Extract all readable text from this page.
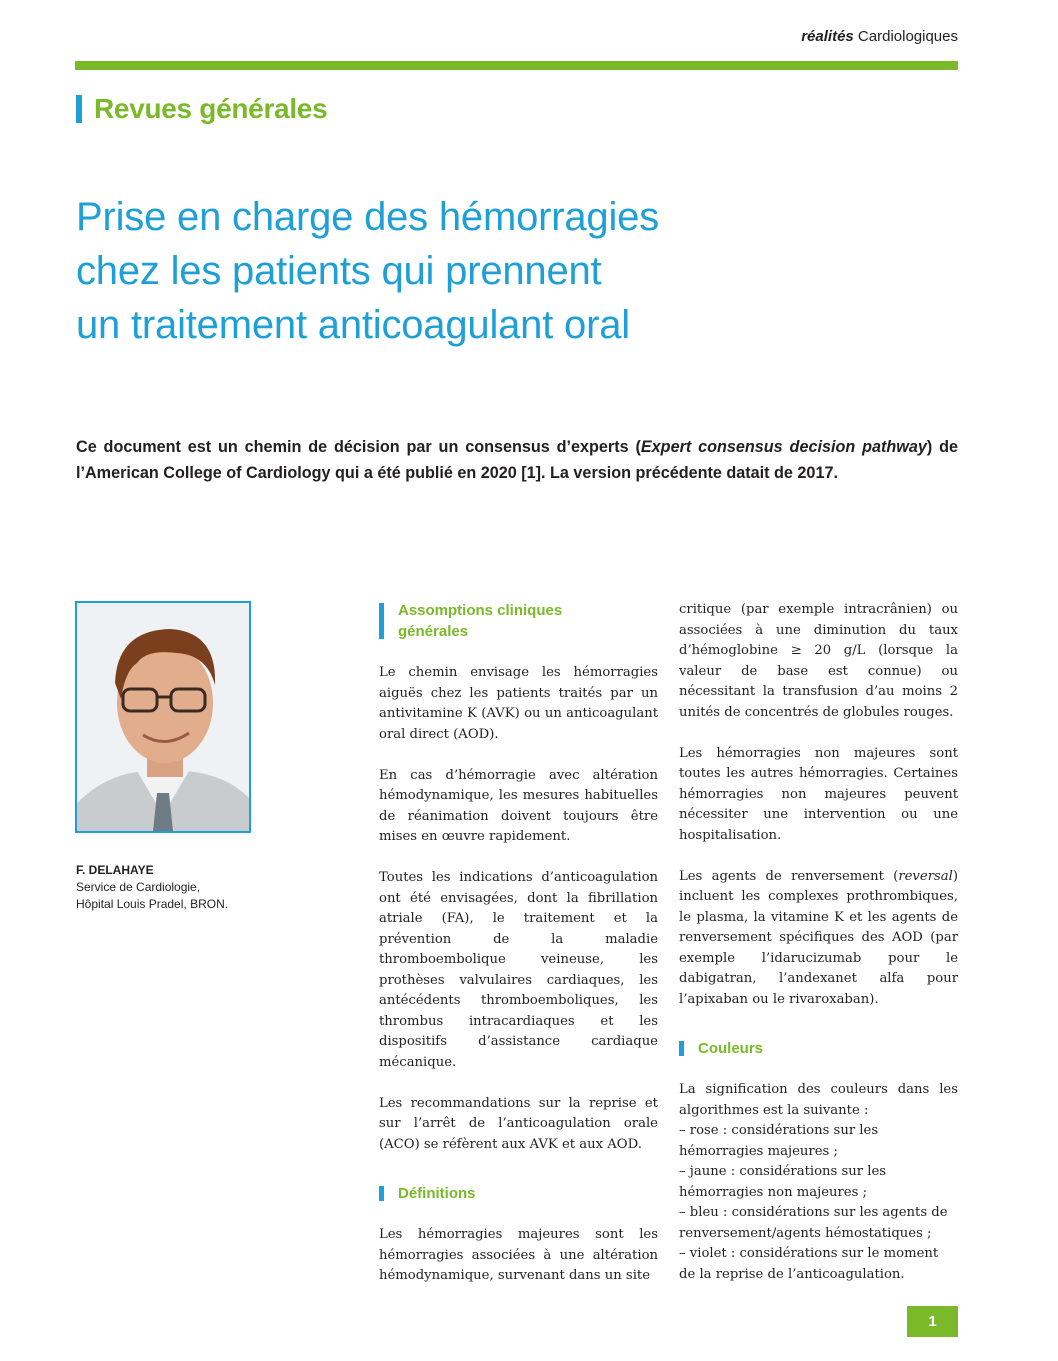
réalités Cardiologiques
Revues générales
Prise en charge des hémorragies
chez les patients qui prennent
un traitement anticoagulant oral
Ce document est un chemin de décision par un consensus d’experts (Expert consensus decision pathway) de l’American College of Cardiology qui a été publié en 2020 [1]. La version précédente datait de 2017.
F. DELAHAYE
Service de Cardiologie,
Hôpital Louis Pradel, BRON.
Assomptions cliniques générales

Le chemin envisage les hémorragies aiguës chez les patients traités par un antivitamine K (AVK) ou un anticoagulant oral direct (AOD).

En cas d’hémorragie avec altération hémodynamique, les mesures habituelles de réanimation doivent toujours être mises en œuvre rapidement.

Toutes les indications d’anticoagulation ont été envisagées, dont la fibrillation atriale (FA), le traitement et la prévention de la maladie thromboembolique veineuse, les prothèses valvulaires cardiaques, les antécédents thromboemboliques, les thrombus intracardiaques et les dispositifs d’assistance cardiaque mécanique.

Les recommandations sur la reprise et sur l’arrêt de l’anticoagulation orale (ACO) se réfèrent aux AVK et aux AOD.

Définitions

Les hémorragies majeures sont les hémorragies associées à une altération hémodynamique, survenant dans un site

critique (par exemple intracrânien) ou associées à une diminution du taux d’hémoglobine ≥ 20 g/L (lorsque la valeur de base est connue) ou nécessitant la transfusion d’au moins 2 unités de concentrés de globules rouges.

Les hémorragies non majeures sont toutes les autres hémorragies. Certaines hémorragies non majeures peuvent nécessiter une intervention ou une hospitalisation.

Les agents de renversement (reversal) incluent les complexes prothrombiques, le plasma, la vitamine K et les agents de renversement spécifiques des AOD (par exemple l’idarucizumab pour le dabigatran, l’andexanet alfa pour l’apixaban ou le rivaroxaban).

Couleurs
La signification des couleurs dans les algorithmes est la suivante :
– rose : considérations sur les hémorragies majeures ;
– jaune : considérations sur les hémorragies non majeures ;
– bleu : considérations sur les agents de renversement/agents hémostatiques ;
– violet : considérations sur le moment de la reprise de l’anticoagulation.
1
